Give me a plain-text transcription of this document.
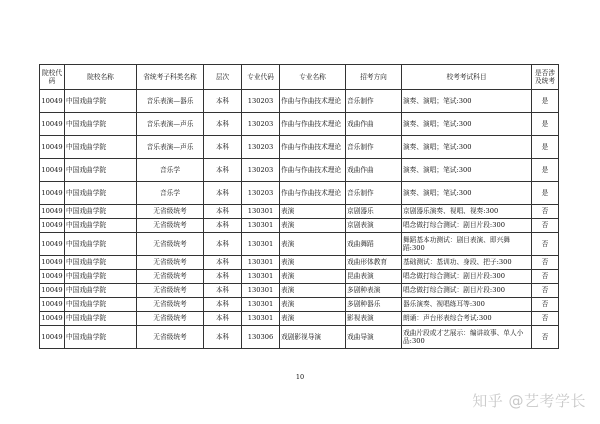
院校代码	院校名称	省统考子科类名称	层次	专业代码	专业名称	招考方向	校考考试科目	是否涉及统考
10049	中国戏曲学院	音乐表演—器乐	本科	130203	作曲与作曲技术理论	音乐制作	演奏、演唱；笔试:300	是
10049	中国戏曲学院	音乐表演—声乐	本科	130203	作曲与作曲技术理论	戏曲作曲	演奏、演唱；笔试:300	是
10049	中国戏曲学院	音乐表演—声乐	本科	130203	作曲与作曲技术理论	音乐制作	演奏、演唱；笔试:300	是
10049	中国戏曲学院	音乐学	本科	130203	作曲与作曲技术理论	戏曲作曲	演奏、演唱；笔试:300	是
10049	中国戏曲学院	音乐学	本科	130203	作曲与作曲技术理论	音乐制作	演奏、演唱；笔试:300	是
10049	中国戏曲学院	无省级统考	本科	130301	表演	京剧器乐	京剧器乐演奏、视唱、视奏:300	否
10049	中国戏曲学院	无省级统考	本科	130301	表演	京剧表演	唱念做打综合测试：剧目片段:300	否
10049	中国戏曲学院	无省级统考	本科	130301	表演	戏曲舞蹈	舞蹈基本功测试：剧目表演、即兴舞蹈:300	否
10049	中国戏曲学院	无省级统考	本科	130301	表演	戏曲形体教育	基础测试：基训功、身段、把子:300	否
10049	中国戏曲学院	无省级统考	本科	130301	表演	昆曲表演	唱念做打综合测试：剧目片段:300	否
10049	中国戏曲学院	无省级统考	本科	130301	表演	多剧种表演	唱念做打综合测试：剧目片段:300	否
10049	中国戏曲学院	无省级统考	本科	130301	表演	多剧种器乐	器乐演奏、视唱练耳等:300	否
10049	中国戏曲学院	无省级统考	本科	130301	表演	影视表演	朗诵：声台形表综合考试:300	否
10049	中国戏曲学院	无省级统考	本科	130306	戏剧影视导演	戏曲导演	戏曲片段或才艺展示：编讲故事、单人小品:300	否
10
知乎 @艺考学长
